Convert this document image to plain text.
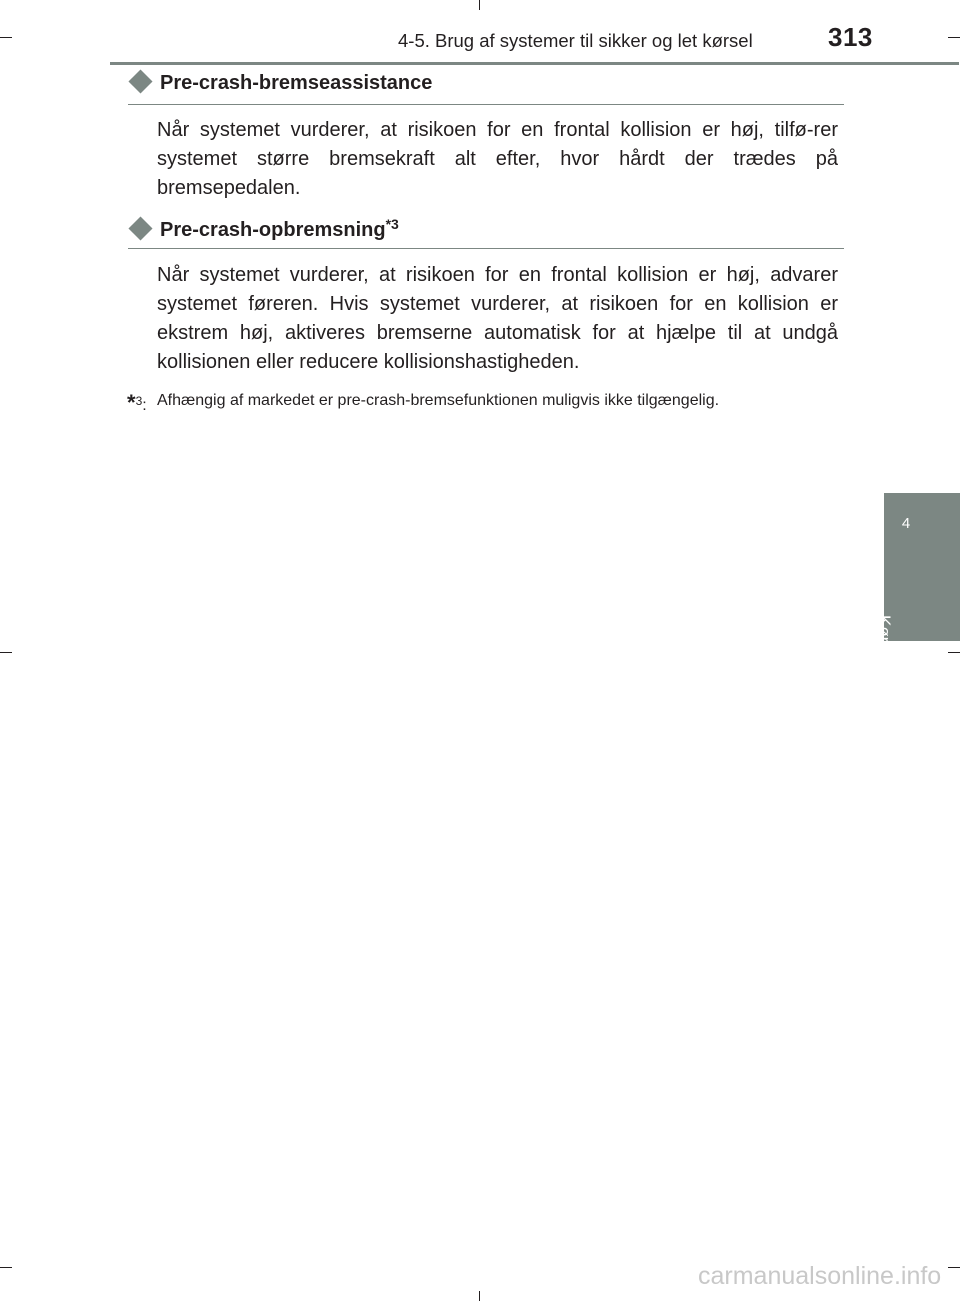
4-5. Brug af systemer til sikker og let kørsel	313
4
Kørsel
Pre-crash-bremseassistance
Når systemet vurderer, at risikoen for en frontal kollision er høj, tilfø-rer systemet større bremsekraft alt efter, hvor hårdt der trædes på bremsepedalen.
Pre-crash-opbremsning$^{*3}$
Når systemet vurderer, at risikoen for en frontal kollision er høj, advarer systemet føreren. Hvis systemet vurderer, at risikoen for en kollision er ekstrem høj, aktiveres bremserne automatisk for at hjælpe til at undgå kollisionen eller reducere kollisionshastigheden.
*$^3$: Afhængig af markedet er pre-crash-bremsefunktionen muligvis ikke tilgængelig.
carmanualsonline.info
